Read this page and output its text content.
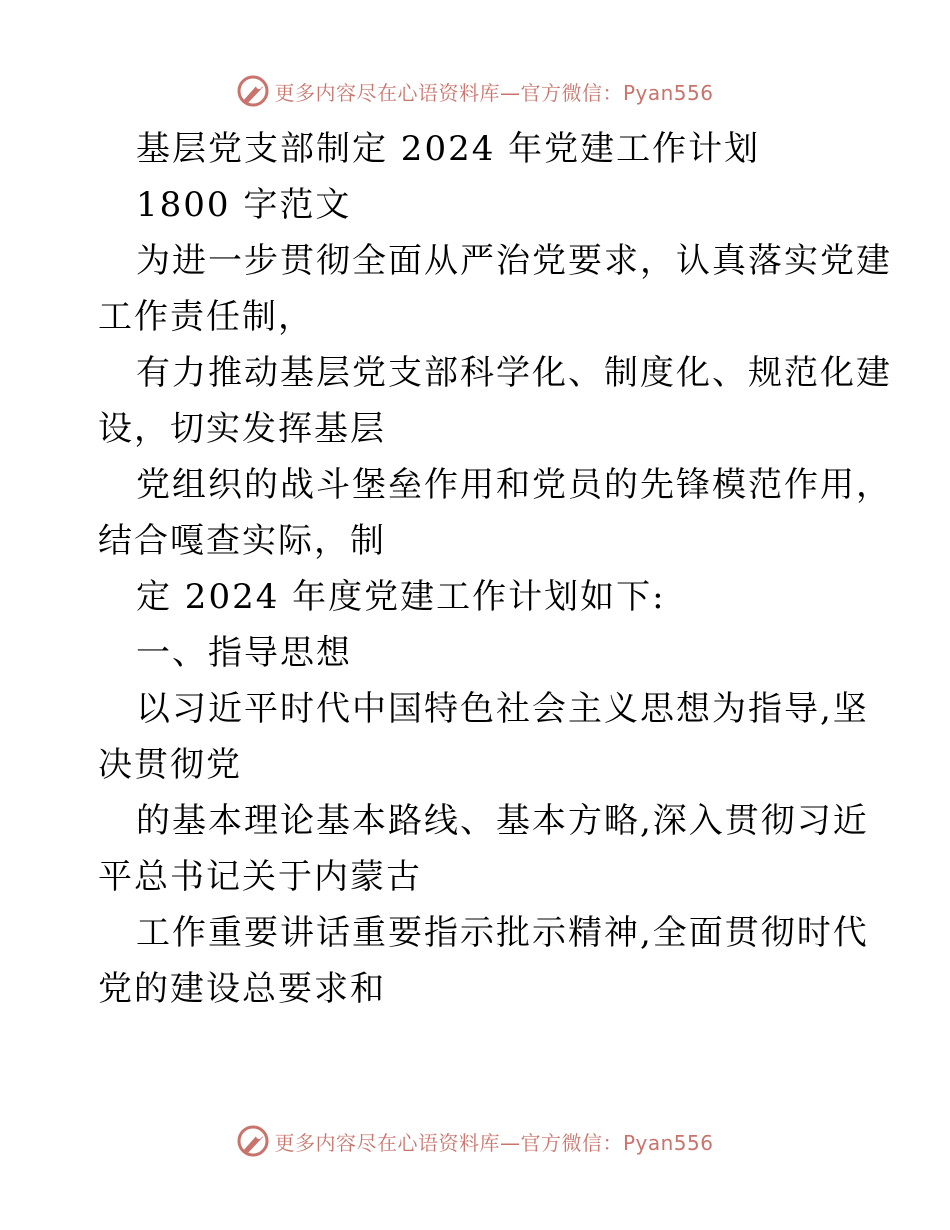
更多内容尽在心语资料库—官方微信：Pyan556
基层党支部制定 2024 年党建工作计划
1800 字范文
为进一步贯彻全面从严治党要求，认真落实党建
工作责任制，
有力推动基层党支部科学化、制度化、规范化建
设，切实发挥基层
党组织的战斗堡垒作用和党员的先锋模范作用，
结合嘎查实际，制
定 2024 年度党建工作计划如下:
一、指导思想
以习近平时代中国特色社会主义思想为指导,坚
决贯彻党
的基本理论基本路线、基本方略,深入贯彻习近
平总书记关于内蒙古
工作重要讲话重要指示批示精神,全面贯彻时代
党的建设总要求和
更多内容尽在心语资料库—官方微信：Pyan556
